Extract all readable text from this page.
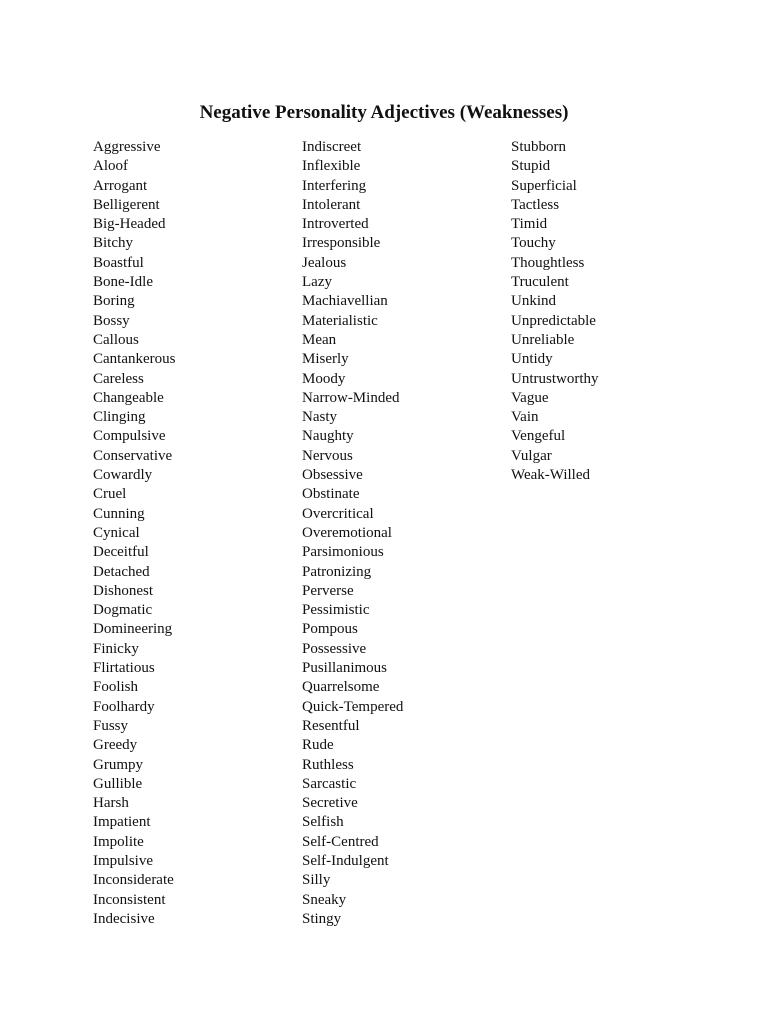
Negative Personality Adjectives (Weaknesses)
Aggressive
Aloof
Arrogant
Belligerent
Big-Headed
Bitchy
Boastful
Bone-Idle
Boring
Bossy
Callous
Cantankerous
Careless
Changeable
Clinging
Compulsive
Conservative
Cowardly
Cruel
Cunning
Cynical
Deceitful
Detached
Dishonest
Dogmatic
Domineering
Finicky
Flirtatious
Foolish
Foolhardy
Fussy
Greedy
Grumpy
Gullible
Harsh
Impatient
Impolite
Impulsive
Inconsiderate
Inconsistent
Indecisive
Indiscreet
Inflexible
Interfering
Intolerant
Introverted
Irresponsible
Jealous
Lazy
Machiavellian
Materialistic
Mean
Miserly
Moody
Narrow-Minded
Nasty
Naughty
Nervous
Obsessive
Obstinate
Overcritical
Overemotional
Parsimonious
Patronizing
Perverse
Pessimistic
Pompous
Possessive
Pusillanimous
Quarrelsome
Quick-Tempered
Resentful
Rude
Ruthless
Sarcastic
Secretive
Selfish
Self-Centred
Self-Indulgent
Silly
Sneaky
Stingy
Stubborn
Stupid
Superficial
Tactless
Timid
Touchy
Thoughtless
Truculent
Unkind
Unpredictable
Unreliable
Untidy
Untrustworthy
Vague
Vain
Vengeful
Vulgar
Weak-Willed
